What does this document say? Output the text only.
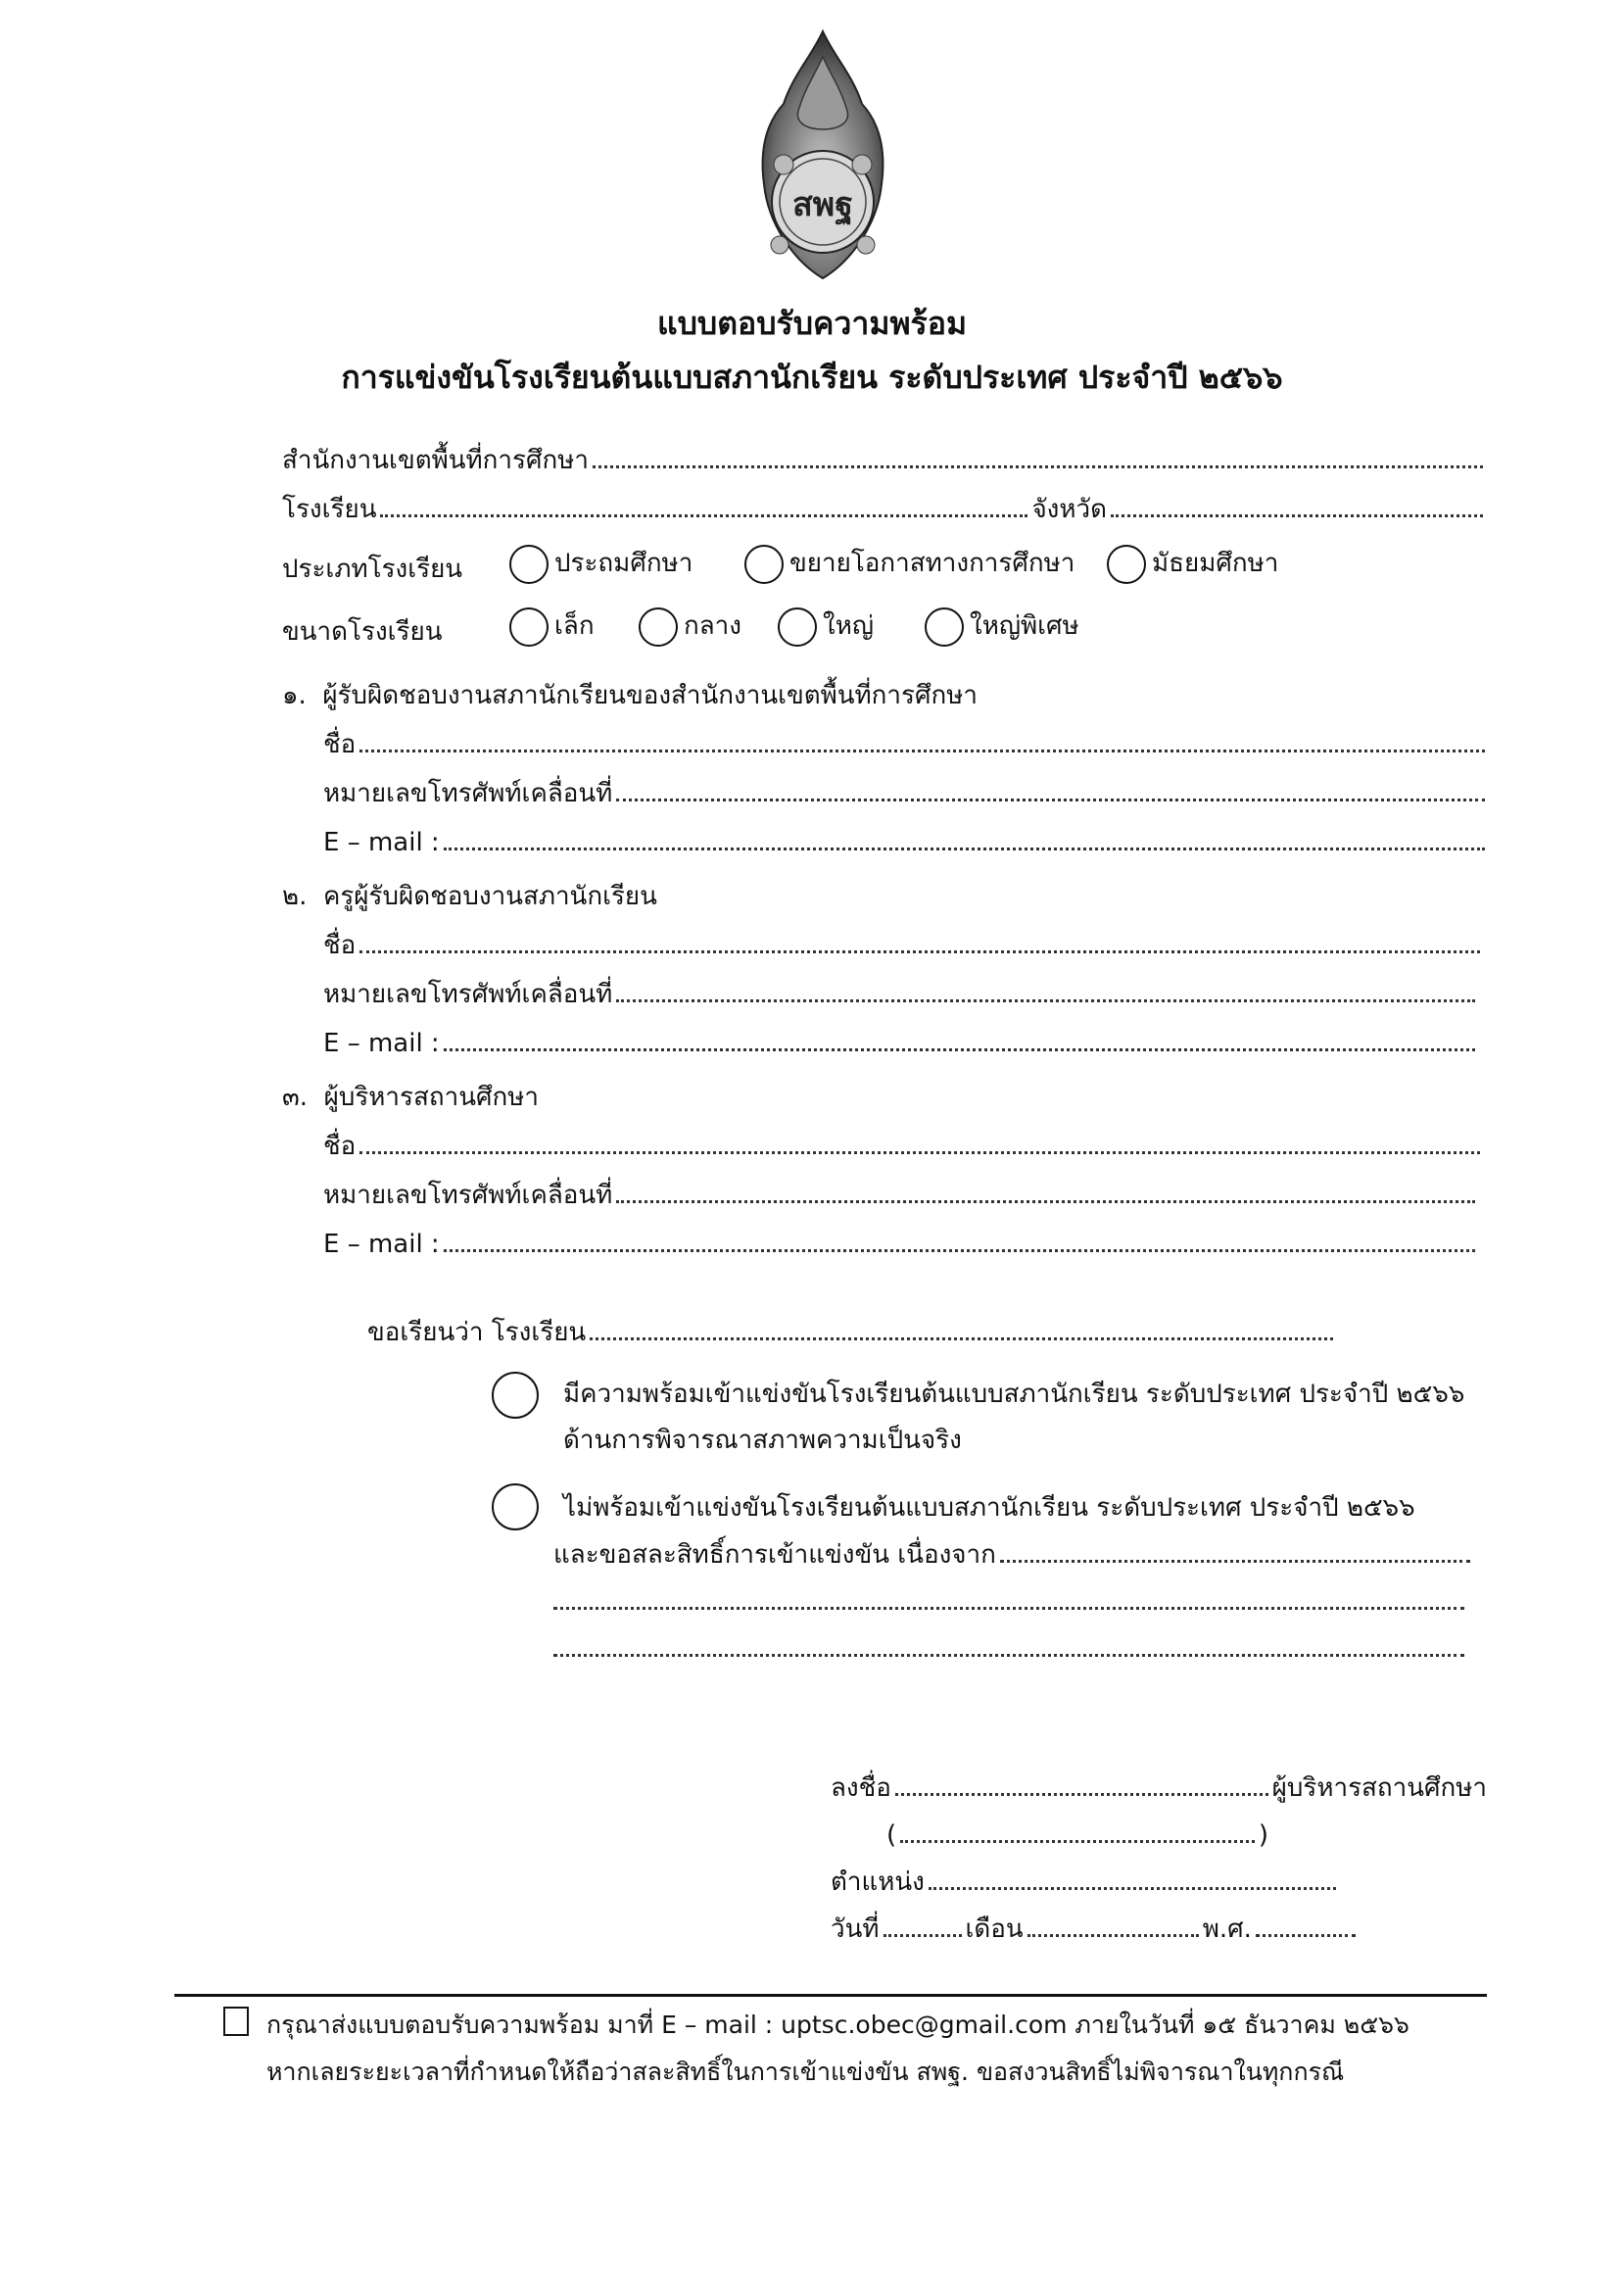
สพฐ
แบบตอบรับความพร้อม
การแข่งขันโรงเรียนต้นแบบสภานักเรียน ระดับประเทศ ประจำปี ๒๕๖๖
สำนักงานเขตพื้นที่การศึกษา
โรงเรียน	จังหวัด
ประเภทโรงเรียน	ประถมศึกษา	ขยายโอกาสทางการศึกษา	มัธยมศึกษา
ขนาดโรงเรียน	เล็ก	กลาง	ใหญ่	ใหญ่พิเศษ
๑. ผู้รับผิดชอบงานสภานักเรียนของสำนักงานเขตพื้นที่การศึกษา
ชื่อ
หมายเลขโทรศัพท์เคลื่อนที่
E – mail :
๒. ครูผู้รับผิดชอบงานสภานักเรียน
ชื่อ
หมายเลขโทรศัพท์เคลื่อนที่
E – mail :
๓. ผู้บริหารสถานศึกษา
ชื่อ
หมายเลขโทรศัพท์เคลื่อนที่
E – mail :
ขอเรียนว่า โรงเรียน
มีความพร้อมเข้าแข่งขันโรงเรียนต้นแบบสภานักเรียน ระดับประเทศ ประจำปี ๒๕๖๖
ด้านการพิจารณาสภาพความเป็นจริง
ไม่พร้อมเข้าแข่งขันโรงเรียนต้นแบบสภานักเรียน ระดับประเทศ ประจำปี ๒๕๖๖
และขอสละสิทธิ์การเข้าแข่งขัน เนื่องจาก
ลงชื่อ	ผู้บริหารสถานศึกษา
(	)
ตำแหน่ง
วันที่	เดือน	พ.ศ.
กรุณาส่งแบบตอบรับความพร้อม มาที่ E – mail : uptsc.obec@gmail.com ภายในวันที่ ๑๕ ธันวาคม ๒๕๖๖
หากเลยระยะเวลาที่กำหนดให้ถือว่าสละสิทธิ์ในการเข้าแข่งขัน สพฐ. ขอสงวนสิทธิ์ไม่พิจารณาในทุกกรณี
